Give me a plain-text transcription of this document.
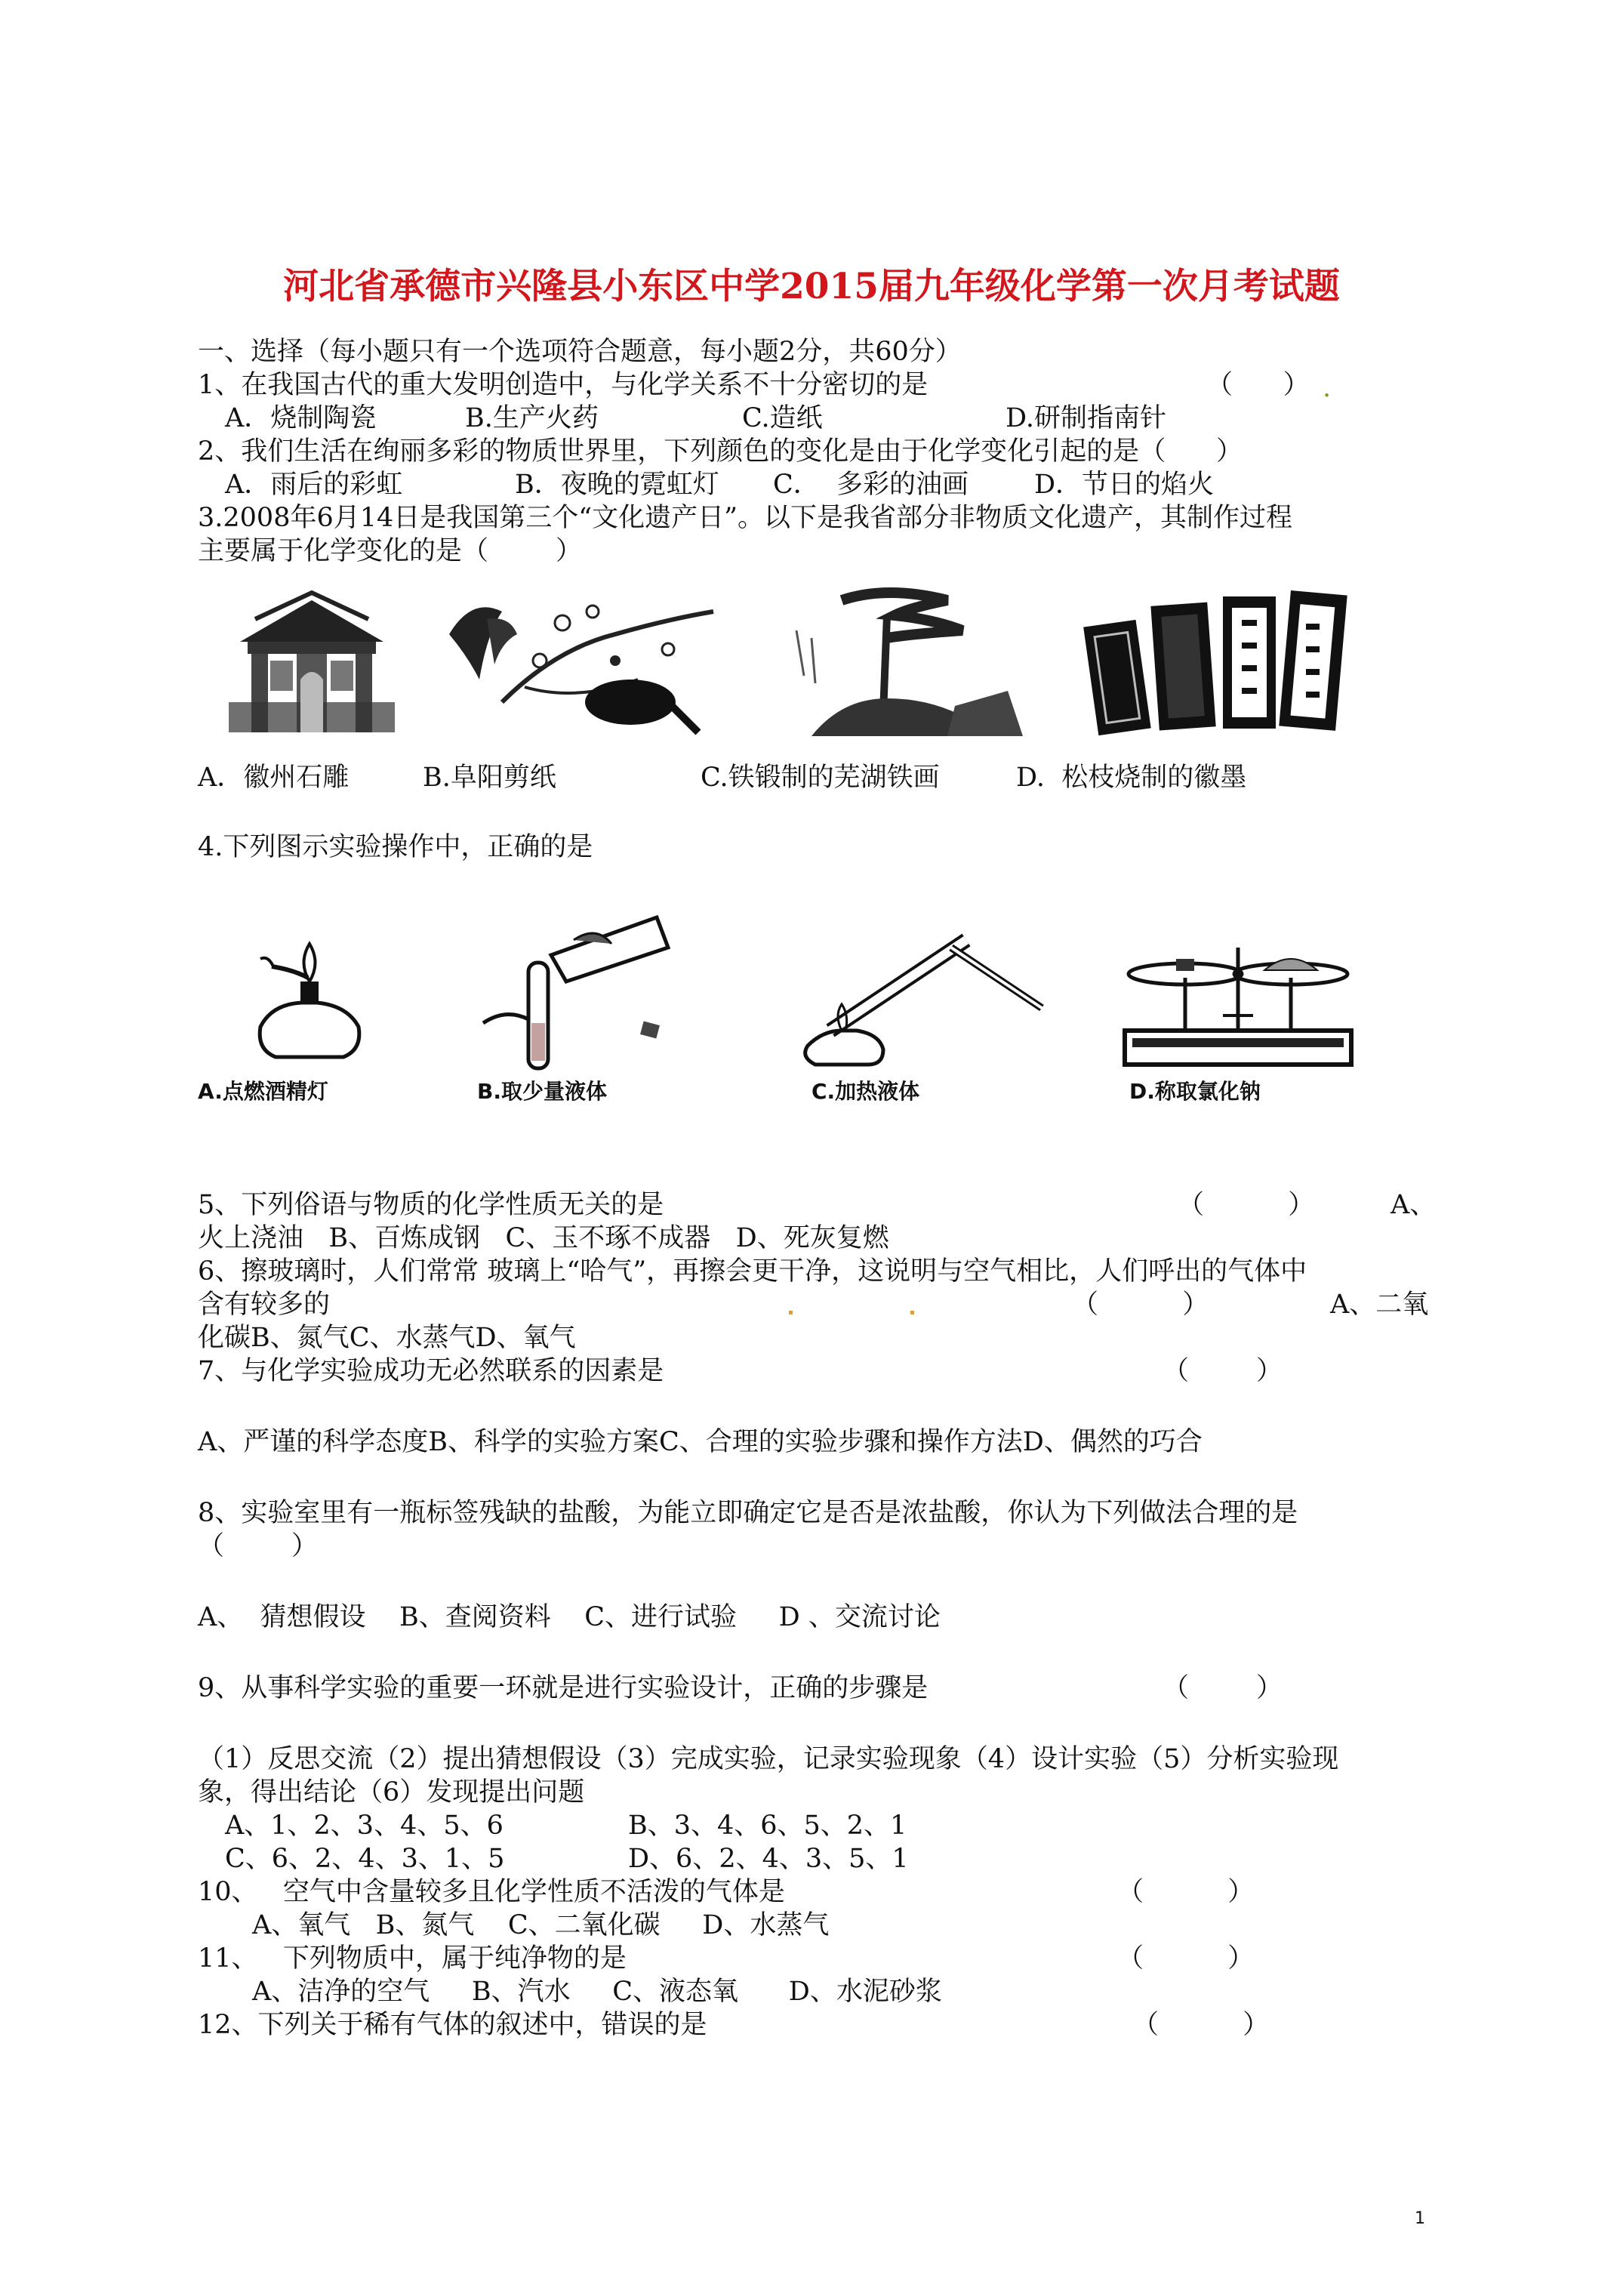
河北省承德市兴隆县小东区中学2015届九年级化学第一次月考试题
一、选择（每小题只有一个选项符合题意，每小题2分，共60分）
1、在我国古代的重大发明创造中，与化学关系不十分密切的是	（      ） .
A．烧制陶瓷	B.生产火药	C.造纸	D.研制指南针
2、我们生活在绚丽多彩的物质世界里，下列颜色的变化是由于化学变化引起的是（      ）
A．雨后的彩虹	B．夜晚的霓虹灯 C．  多彩的油画 D．节日的焰火
3.2008年6月14日是我国第三个“文化遗产日”。以下是我省部分非物质文化遗产，其制作过程
主要属于化学变化的是（        ）
A．徽州石雕	B.阜阳剪纸	C.铁锻制的芜湖铁画	D.  松枝烧制的徽墨
4.下列图示实验操作中，正确的是
A.点燃酒精灯	B.取少量液体	C.加热液体	D.称取氯化钠
5、下列俗语与物质的化学性质无关的是	（          ）	A、
火上浇油   B、百炼成钢   C、玉不琢不成器   D、死灰复燃
6、擦玻璃时，人们常常 玻璃上“哈气”，再擦会更干净，这说明与空气相比，人们呼出的气体中
含有较多的	（          ）	A、二氧
化碳B、氮气C、水蒸气D、氧气
7、与化学实验成功无必然联系的因素是	（        ）
A、严谨的科学态度B、科学的实验方案C、合理的实验步骤和操作方法D、偶然的巧合
8、实验室里有一瓶标签残缺的盐酸，为能立即确定它是否是浓盐酸，你认为下列做法合理的是
（        ）
A、  猜想假设    B、查阅资料    C、进行试验     D 、交流讨论
9、从事科学实验的重要一环就是进行实验设计，正确的步骤是	（        ）
（1）反思交流（2）提出猜想假设（3）完成实验，记录实验现象（4）设计实验（5）分析实验现
象，得出结论（6）发现提出问题
A、1、2、3、4、5、6	B、3、4、6、5、2、1
C、6、2、4、3、1、5	D、6、2、4、3、5、1
10、   空气中含量较多且化学性质不活泼的气体是	（          ）
A、氧气   B、氮气    C、二氧化碳     D、水蒸气
11、   下列物质中，属于纯净物的是	（          ）
A、洁净的空气     B、汽水     C、液态氧      D、水泥砂浆
12、下列关于稀有气体的叙述中，错误的是	（          ）
1
